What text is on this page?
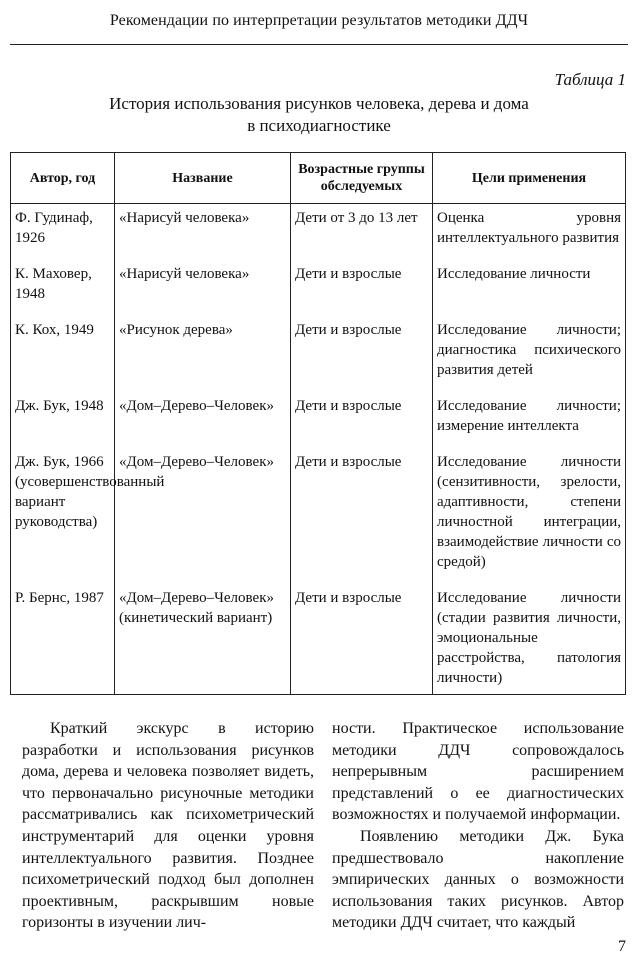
Рекомендации по интерпретации результатов методики ДДЧ
Таблица 1
История использования рисунков человека, дерева и дома
в психодиагностике
Автор, год	Название	Возрастные группы обследуемых	Цели применения
Ф. Гудинаф, 1926	«Нарисуй человека»	Дети от 3 до 13 лет	Оценка уровня интеллектуального развития
К. Маховер, 1948	«Нарисуй человека»	Дети и взрослые	Исследование личности
К. Кох, 1949	«Рисунок дерева»	Дети и взрослые	Исследование личности; диагностика психического развития детей
Дж. Бук, 1948	«Дом–Дерево–Человек»	Дети и взрослые	Исследование личности; измерение интеллекта
Дж. Бук, 1966 (усовершенствованный вариант руководства)	«Дом–Дерево–Человек»	Дети и взрослые	Исследование личности (сензитивности, зрелости, адаптивности, степени личностной интеграции, взаимодействие личности со средой)
Р. Бернс, 1987	«Дом–Дерево–Человек» (кинетический вариант)	Дети и взрослые	Исследование личности (стадии развития личности, эмоциональные расстройства, патология личности)

Краткий экскурс в историю разработки и использования рисунков дома, дерева и человека позволяет видеть, что первоначально рисуночные методики рассматривались как психометрический инструментарий для оценки уровня интеллектуального развития. Позднее психометрический подход был дополнен проективным, раскрывшим новые горизонты в изучении лич-

ности. Практическое использование методики ДДЧ сопровождалось непрерывным расширением представлений о ее диагностических возможностях и получаемой информации.

Появлению методики Дж. Бука предшествовало накопление эмпирических данных о возможности использования таких рисунков. Автор методики ДДЧ считает, что каждый

7
